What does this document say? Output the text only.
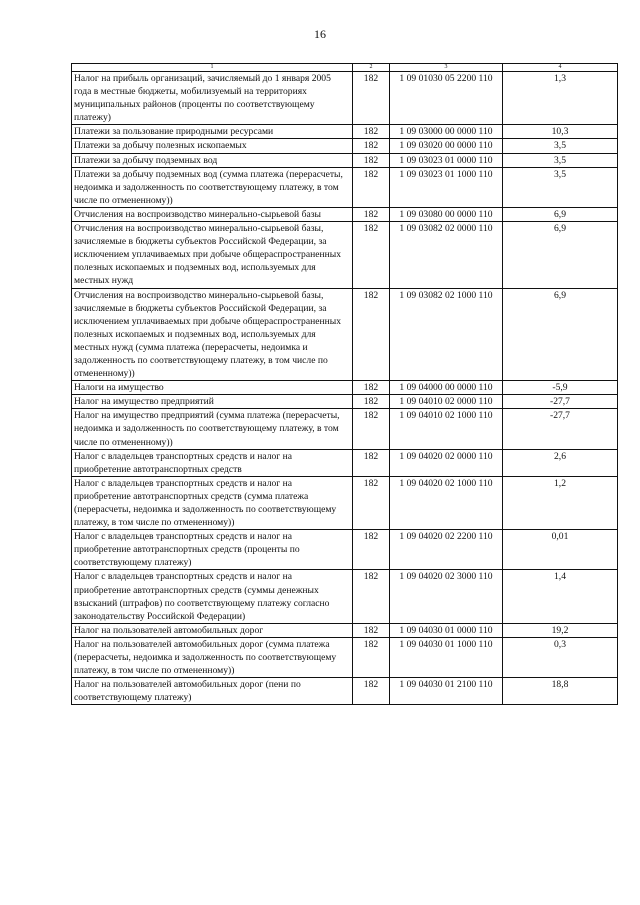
16
1	2	3	4
Налог на прибыль организаций, зачисляемый до 1 января 2005 года в местные бюджеты, мобилизуемый на территориях муниципальных районов (проценты по соответствующему платежу)	182	1 09 01030 05 2200 110	1,3
Платежи за пользование природными ресурсами	182	1 09 03000 00 0000 110	10,3
Платежи за добычу полезных ископаемых	182	1 09 03020 00 0000 110	3,5
Платежи за добычу подземных вод	182	1 09 03023 01 0000 110	3,5
Платежи за добычу подземных вод (сумма платежа (перерасчеты, недоимка и задолженность по соответствующему платежу, в том числе по отмененному))	182	1 09 03023 01 1000 110	3,5
Отчисления на воспроизводство минерально-сырьевой базы	182	1 09 03080 00 0000 110	6,9
Отчисления на воспроизводство минерально-сырьевой базы, зачисляемые в бюджеты субъектов Российской Федерации, за исключением уплачиваемых при добыче общераспространенных полезных ископаемых и подземных вод, используемых для местных нужд	182	1 09 03082 02 0000 110	6,9
Отчисления на воспроизводство минерально-сырьевой базы, зачисляемые в бюджеты субъектов Российской Федерации, за исключением уплачиваемых при добыче общераспространенных полезных ископаемых и подземных вод, используемых для местных нужд (сумма платежа (перерасчеты, недоимка и задолженность по соответствующему платежу, в том числе по отмененному))	182	1 09 03082 02 1000 110	6,9
Налоги на имущество	182	1 09 04000 00 0000 110	-5,9
Налог на имущество предприятий	182	1 09 04010 02 0000 110	-27,7
Налог на имущество предприятий (сумма платежа (перерасчеты, недоимка и задолженность по соответствующему платежу, в том числе по отмененному))	182	1 09 04010 02 1000 110	-27,7
Налог с владельцев транспортных средств и налог на приобретение автотранспортных средств	182	1 09 04020 02 0000 110	2,6
Налог с владельцев транспортных средств и налог на приобретение автотранспортных средств (сумма платежа (перерасчеты, недоимка и задолженность по соответствующему платежу, в том числе по отмененному))	182	1 09 04020 02 1000 110	1,2
Налог с владельцев транспортных средств и налог на приобретение автотранспортных средств (проценты по соответствующему платежу)	182	1 09 04020 02 2200 110	0,01
Налог с владельцев транспортных средств и налог на приобретение автотранспортных средств (суммы денежных взысканий (штрафов) по соответствующему платежу согласно законодательству Российской Федерации)	182	1 09 04020 02 3000 110	1,4
Налог на пользователей автомобильных дорог	182	1 09 04030 01 0000 110	19,2
Налог на пользователей автомобильных дорог (сумма платежа (перерасчеты, недоимка и задолженность по соответствующему платежу, в том числе по отмененному))	182	1 09 04030 01 1000 110	0,3
Налог на пользователей автомобильных дорог (пени по соответствующему платежу)	182	1 09 04030 01 2100 110	18,8
